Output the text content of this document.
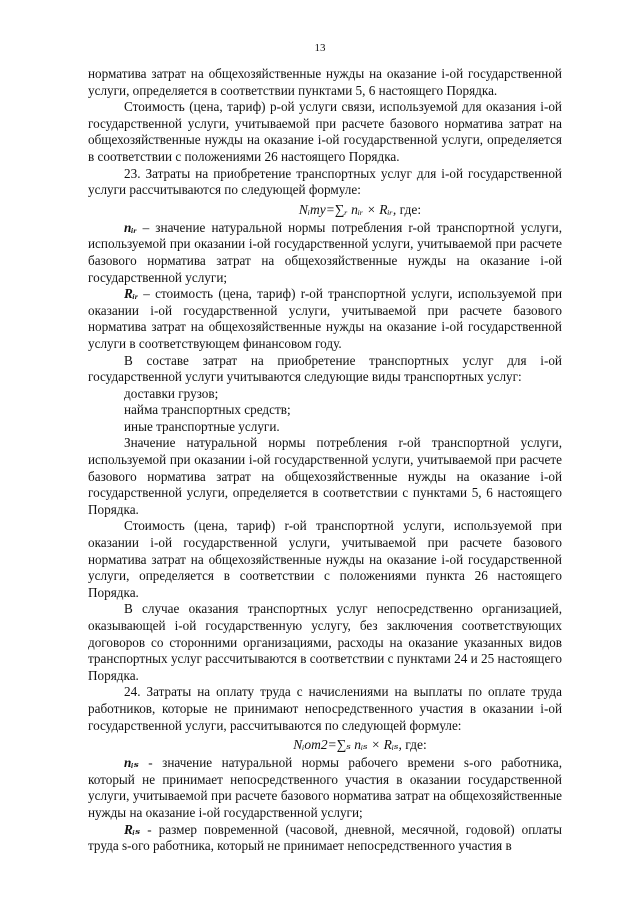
13

норматива затрат на общехозяйственные нужды на оказание i-ой государственной услуги, определяется в соответствии пунктами 5, 6 настоящего Порядка.

Стоимость (цена, тариф) р-ой услуги связи, используемой для оказания i-ой государственной услуги, учитываемой при расчете базового норматива затрат на общехозяйственные нужды на оказание i-ой государственной услуги, определяется в соответствии с положениями 26 настоящего Порядка.

23. Затраты на приобретение транспортных услуг для i-ой государственной услуги рассчитываются по следующей формуле:

Nᵢтy=∑ᵣ nᵢᵣ × Rᵢᵣ, где:

nᵢᵣ – значение натуральной нормы потребления r-ой транспортной услуги, используемой при оказании i-ой государственной услуги, учитываемой при расчете базового норматива затрат на общехозяйственные нужды на оказание i-ой государственной услуги;

Rᵢᵣ – стоимость (цена, тариф) r-ой транспортной услуги, используемой при оказании i-ой государственной услуги, учитываемой при расчете базового норматива затрат на общехозяйственные нужды на оказание i-ой государственной услуги в соответствующем финансовом году.

В составе затрат на приобретение транспортных услуг для i-ой государственной услуги учитываются следующие виды транспортных услуг:

доставки грузов;

найма транспортных средств;

иные транспортные услуги.

Значение натуральной нормы потребления r-ой транспортной услуги, используемой при оказании i-ой государственной услуги, учитываемой при расчете базового норматива затрат на общехозяйственные нужды на оказание i-ой государственной услуги, определяется в соответствии с пунктами 5, 6 настоящего Порядка.

Стоимость (цена, тариф) r-ой транспортной услуги, используемой при оказании i-ой государственной услуги, учитываемой при расчете базового норматива затрат на общехозяйственные нужды на оказание i-ой государственной услуги, определяется в соответствии с положениями пункта 26 настоящего Порядка.

В случае оказания транспортных услуг непосредственно организацией, оказывающей i-ой государственную услугу, без заключения соответствующих договоров со сторонними организациями, расходы на оказание указанных видов транспортных услуг рассчитываются в соответствии с пунктами 24 и 25 настоящего Порядка.

24. Затраты на оплату труда с начислениями на выплаты по оплате труда работников, которые не принимают непосредственного участия в оказании i-ой государственной услуги, рассчитываются по следующей формуле:

Nᵢот2=∑ₛ nᵢₛ × Rᵢₛ, где:

nᵢₛ - значение натуральной нормы рабочего времени s-ого работника, который не принимает непосредственного участия в оказании государственной услуги, учитываемой при расчете базового норматива затрат на общехозяйственные нужды на оказание i-ой государственной услуги;

Rᵢₛ - размер повременной (часовой, дневной, месячной, годовой) оплаты труда s-ого работника, который не принимает непосредственного участия в
